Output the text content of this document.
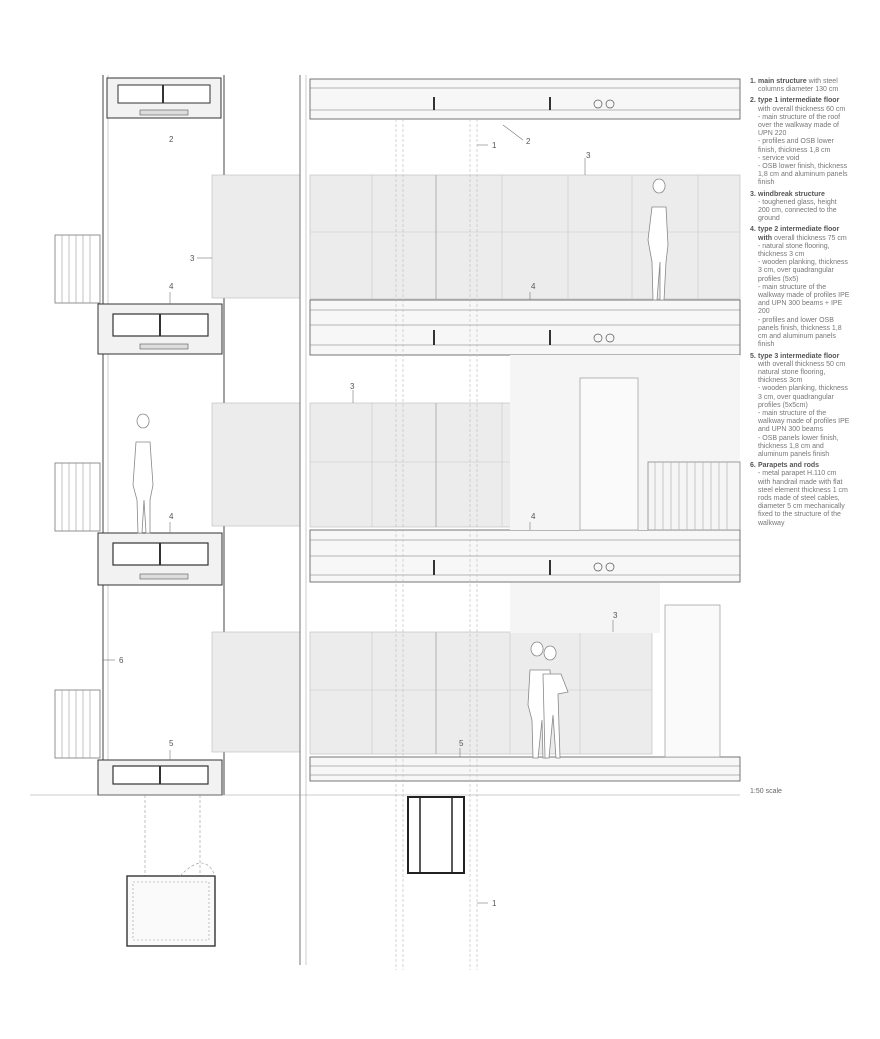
1
1
2	2
3
3
3
3
4	4
4	4
5	5
6
1. main structure with steel columns diameter 130 cm
2. type 1 intermediate floor with overall thickness 60 cm
- main structure of the roof over the walkway made of UPN 220
- profiles and OSB lower finish, thickness 1,8 cm
- service void
- OSB lower finish, thickness 1,8 cm and aluminum panels finish
3. windbreak structure
- toughened glass, height 200 cm, connected to the ground
4. type 2 intermediate floor with overall thickness 75 cm
- natural stone flooring, thickness 3 cm
- wooden planking, thickness 3 cm, over quadrangular profiles (5x5)
- main structure of the walkway made of profiles IPE and UPN 300 beams + IPE 200
- profiles and lower OSB panels finish, thickness 1,8 cm and aluminum panels finish
5. type 3 intermediate floor with overall thickness 50 cm natural stone flooring, thickness 3cm
- wooden planking, thickness 3 cm, over quadrangular profiles (5x5cm)
- main structure of the walkway made of profiles IPE and UPN 300 beams
- OSB panels lower finish, thickness 1,8 cm and aluminum panels finish
6. Parapets and rods
- metal parapet H.110 cm with handrail made with flat steel element thickness 1 cm rods made of steel cables, diameter 5 cm mechanically fixed to the structure of the walkway
1:50 scale
